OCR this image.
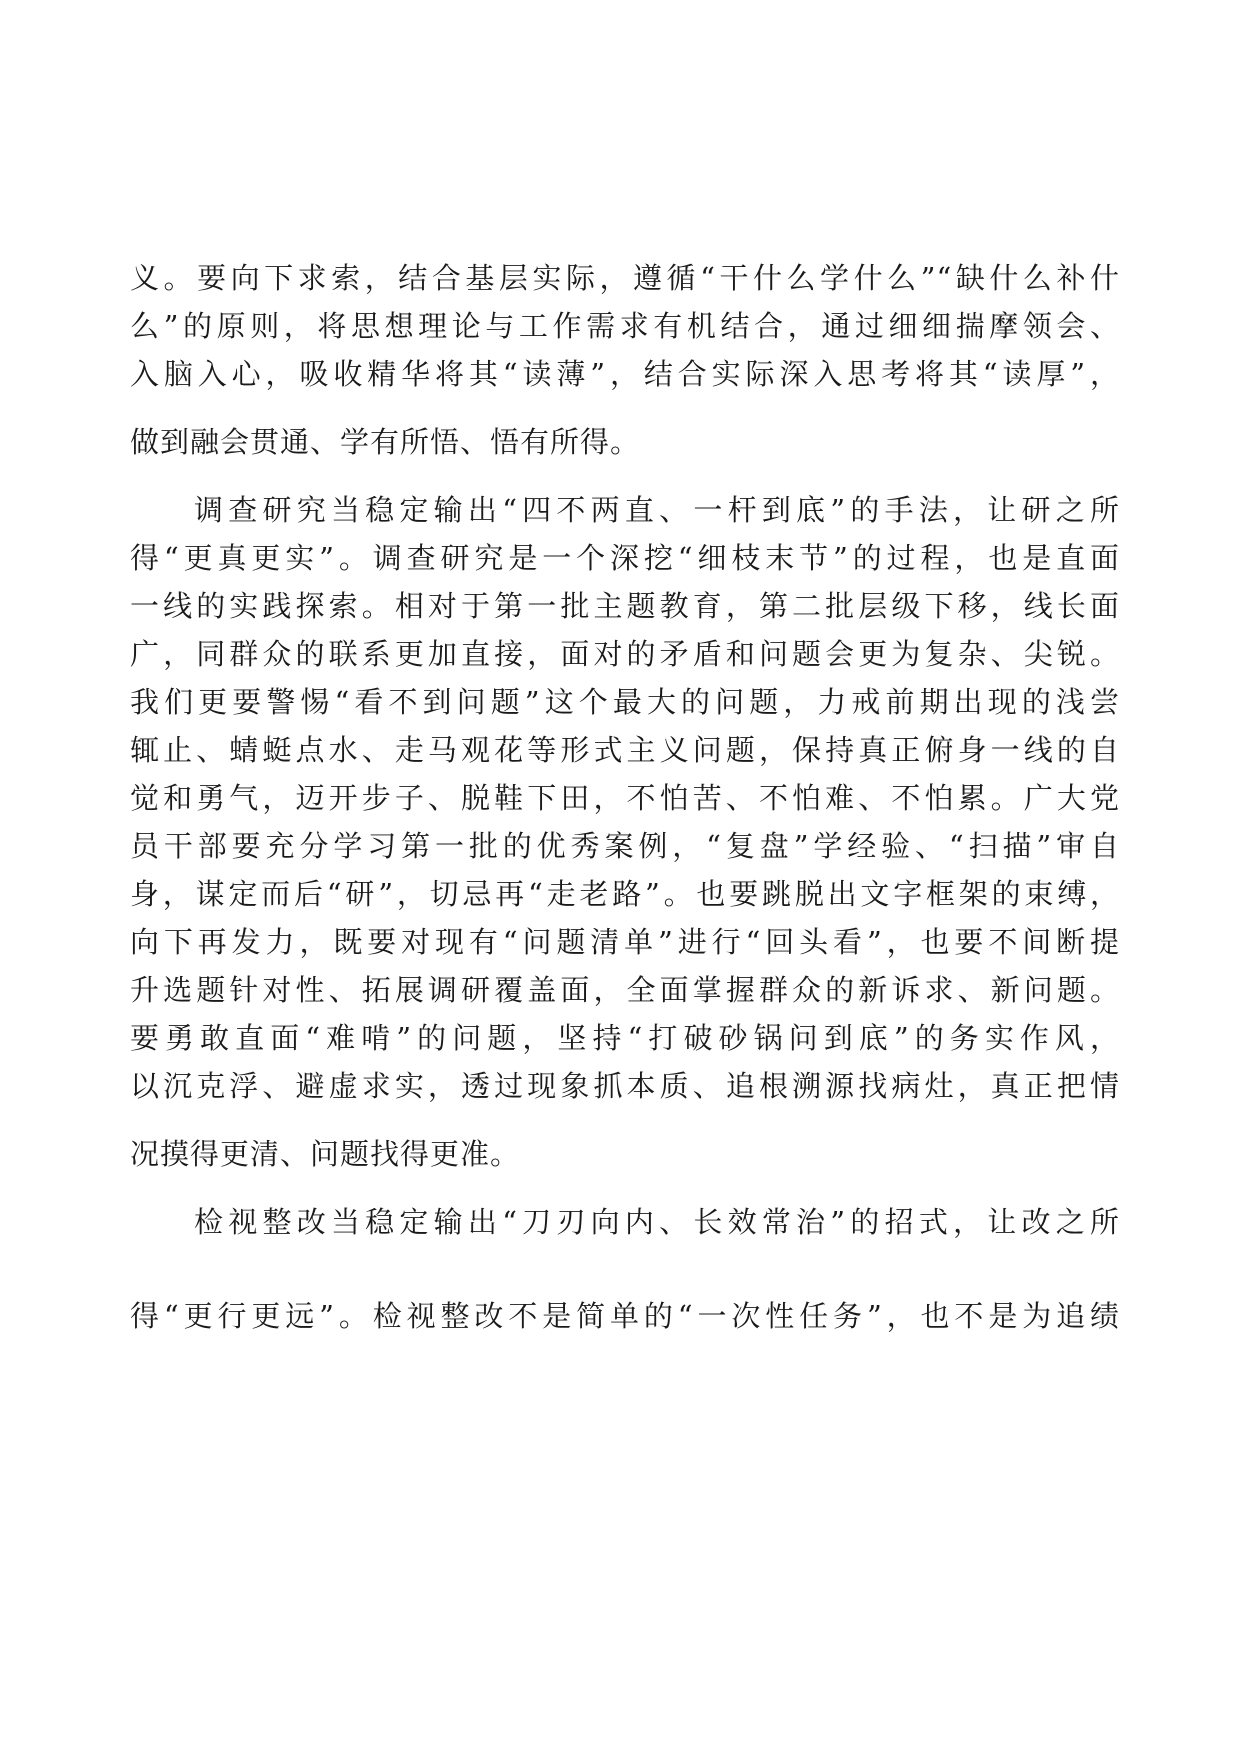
义。要向下求索，结合基层实际，遵循“干什么学什么”“缺什么补什
么”的原则，将思想理论与工作需求有机结合，通过细细揣摩领会、
入脑入心，吸收精华将其“读薄”，结合实际深入思考将其“读厚”，
做到融会贯通、学有所悟、悟有所得。
调查研究当稳定输出“四不两直、一杆到底”的手法，让研之所
得“更真更实”。调查研究是一个深挖“细枝末节”的过程，也是直面
一线的实践探索。相对于第一批主题教育，第二批层级下移，线长面
广，同群众的联系更加直接，面对的矛盾和问题会更为复杂、尖锐。
我们更要警惕“看不到问题”这个最大的问题，力戒前期出现的浅尝
辄止、蜻蜓点水、走马观花等形式主义问题，保持真正俯身一线的自
觉和勇气，迈开步子、脱鞋下田，不怕苦、不怕难、不怕累。广大党
员干部要充分学习第一批的优秀案例，“复盘”学经验、“扫描”审自
身，谋定而后“研”，切忌再“走老路”。也要跳脱出文字框架的束缚，
向下再发力，既要对现有“问题清单”进行“回头看”，也要不间断提
升选题针对性、拓展调研覆盖面，全面掌握群众的新诉求、新问题。
要勇敢直面“难啃”的问题，坚持“打破砂锅问到底”的务实作风，
以沉克浮、避虚求实，透过现象抓本质、追根溯源找病灶，真正把情
况摸得更清、问题找得更准。
检视整改当稳定输出“刀刃向内、长效常治”的招式，让改之所
得“更行更远”。检视整改不是简单的“一次性任务”，也不是为追绩
